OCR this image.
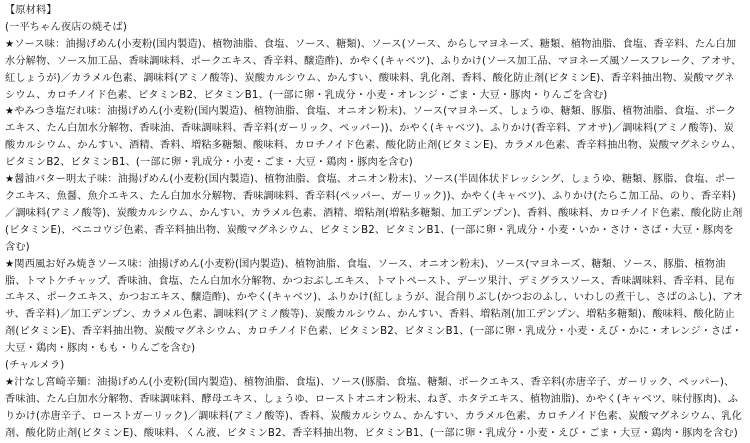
【原材料】

(一平ちゃん夜店の焼そば)

★ソース味：油揚げめん(小麦粉(国内製造)、植物油脂、食塩、ソース、糖類)、ソース(ソース、からしマヨネーズ、糖類、植物油脂、食塩、香辛料、たん白加水分解物、ソース加工品、香味調味料、ポークエキス、香辛料、醸造酢)、かやく(キャベツ)、ふりかけ(ソース加工品、マヨネーズ風ソースフレーク、アオサ、紅しょうが)／カラメル色素、調味料(アミノ酸等)、炭酸カルシウム、かんすい、酸味料、乳化剤、香料、酸化防止剤(ビタミンE)、香辛料抽出物、炭酸マグネシウム、カロチノイド色素、ビタミンB2、ビタミンB1、(一部に卵・乳成分・小麦・オレンジ・ごま・大豆・豚肉・りんごを含む)

★やみつき塩だれ味：油揚げめん(小麦粉(国内製造)、植物油脂、食塩、オニオン粉末)、ソース(マヨネーズ、しょうゆ、糖類、豚脂、植物油脂、食塩、ポークエキス、たん白加水分解物、香味油、香味調味料、香辛料(ガーリック、ペッパー))、かやく(キャベツ)、ふりかけ(香辛料、アオサ)／調味料(アミノ酸等)、炭酸カルシウム、かんすい、酒精、香料、増粘多糖類、酸味料、カロチノイド色素、酸化防止剤(ビタミンE)、カラメル色素、香辛料抽出物、炭酸マグネシウム、ビタミンB2、ビタミンB1、(一部に卵・乳成分・小麦・ごま・大豆・鶏肉・豚肉を含む)

★醤油バター明太子味：油揚げめん(小麦粉(国内製造)、植物油脂、食塩、オニオン粉末)、ソース(半固体状ドレッシング、しょうゆ、糖類、豚脂、食塩、ポークエキス、魚醤、魚介エキス、たん白加水分解物、香味調味料、香辛料(ペッパー、ガーリック))、かやく(キャベツ)、ふりかけ(たらこ加工品、のり、香辛料)／調味料(アミノ酸等)、炭酸カルシウム、かんすい、カラメル色素、酒精、増粘剤(増粘多糖類、加工デンプン)、香料、酸味料、カロチノイド色素、酸化防止剤(ビタミンE)、ベニコウジ色素、香辛料抽出物、炭酸マグネシウム、ビタミンB2、ビタミンB1、(一部に卵・乳成分・小麦・いか・さけ・さば・大豆・豚肉を含む)

★関西風お好み焼きソース味：油揚げめん(小麦粉(国内製造)、植物油脂、食塩、ソース、オニオン粉末)、ソース(マヨネーズ、糖類、ソース、豚脂、植物油脂、トマトケチャップ、香味油、食塩、たん白加水分解物、かつおぶしエキス、トマトペースト、デーツ果汁、デミグラスソース、香味調味料、香辛料、昆布エキス、ポークエキス、かつおエキス、醸造酢)、かやく(キャベツ)、ふりかけ(紅しょうが、混合削りぶし(かつおのふし、いわしの煮干し、さばのふし)、アオサ、香辛料)／加工デンプン、カラメル色素、調味料(アミノ酸等)、炭酸カルシウム、かんすい、香料、増粘剤(加工デンプン、増粘多糖類)、酸味料、酸化防止剤(ビタミンE)、香辛料抽出物、炭酸マグネシウム、カロチノイド色素、ビタミンB2、ビタミンB1、(一部に卵・乳成分・小麦・えび・かに・オレンジ・さば・大豆・鶏肉・豚肉・もも・りんごを含む)

(チャルメラ)

★汁なし宮崎辛麺：油揚げめん(小麦粉(国内製造)、植物油脂、食塩)、ソース(豚脂、食塩、糖類、ポークエキス、香辛料(赤唐辛子、ガーリック、ペッパー)、香味油、たん白加水分解物、香味調味料、酵母エキス、しょうゆ、ローストオニオン粉末、ねぎ、ホタテエキス、植物油脂)、かやく(キャベツ、味付豚肉)、ふりかけ(赤唐辛子、ローストガーリック)／調味料(アミノ酸等)、香料、炭酸カルシウム、かんすい、カラメル色素、カロチノイド色素、炭酸マグネシウム、乳化剤、酸化防止剤(ビタミンE)、酸味料、くん液、ビタミンB2、香辛料抽出物、ビタミンB1、(一部に卵・乳成分・小麦・えび・ごま・大豆・鶏肉・豚肉を含む)
